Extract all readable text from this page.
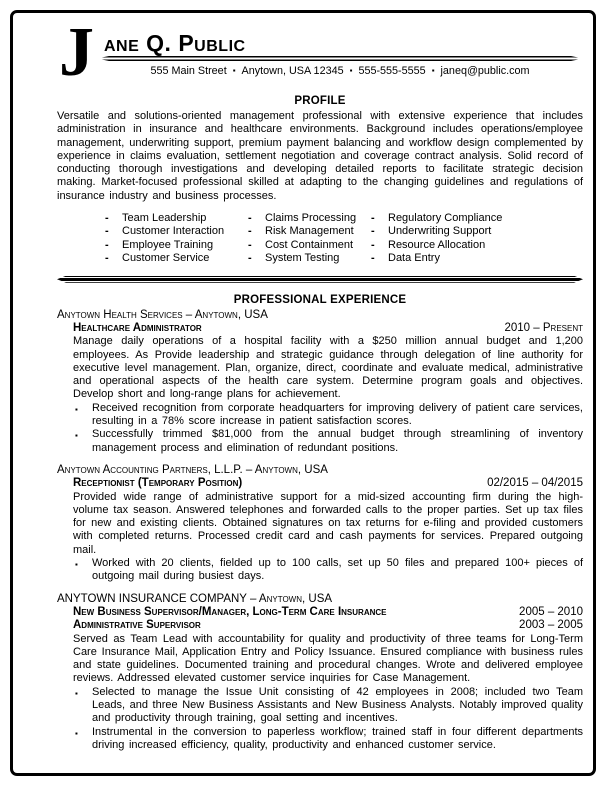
J ane Q. Public
555 Main Street ▪ Anytown, USA 12345 ▪ 555-555-5555 ▪ janeq@public.com
PROFILE
Versatile and solutions-oriented management professional with extensive experience that includes administration in insurance and healthcare environments. Background includes operations/employee management, underwriting support, premium payment balancing and workflow design complemented by experience in claims evaluation, settlement negotiation and coverage contract analysis. Solid record of conducting thorough investigations and developing detailed reports to facilitate strategic decision making. Market-focused professional skilled at adapting to the changing guidelines and regulations of insurance industry and business processes.
-	Team Leadership
-	Customer Interaction
-	Employee Training
-	Customer Service
-	Claims Processing
-	Risk Management
-	Cost Containment
-	System Testing
-	Regulatory Compliance
-	Underwriting Support
-	Resource Allocation
-	Data Entry
PROFESSIONAL EXPERIENCE
Anytown Health Services – Anytown, USA
Healthcare Administrator	2010 – Present
Manage daily operations of a hospital facility with a $250 million annual budget and 1,200 employees. As Provide leadership and strategic guidance through delegation of line authority for executive level management. Plan, organize, direct, coordinate and evaluate medical, administrative and operational aspects of the health care system. Determine program goals and objectives. Develop short and long-range plans for achievement.
▪	Received recognition from corporate headquarters for improving delivery of patient care services, resulting in a 78% score increase in patient satisfaction scores.
▪	Successfully trimmed $81,000 from the annual budget through streamlining of inventory management process and elimination of redundant positions.
Anytown Accounting Partners, L.L.P. – Anytown, USA
Receptionist (Temporary Position)	02/2015 – 04/2015
Provided wide range of administrative support for a mid-sized accounting firm during the high-volume tax season. Answered telephones and forwarded calls to the proper parties. Set up tax files for new and existing clients. Obtained signatures on tax returns for e-filing and provided customers with completed returns. Processed credit card and cash payments for services. Prepared outgoing mail.
▪	Worked with 20 clients, fielded up to 100 calls, set up 50 files and prepared 100+ pieces of outgoing mail during busiest days.
ANYTOWN INSURANCE COMPANY – Anytown, USA
New Business Supervisor/Manager, Long-Term Care Insurance	2005 – 2010
Administrative Supervisor	2003 – 2005
Served as Team Lead with accountability for quality and productivity of three teams for Long-Term Care Insurance Mail, Application Entry and Policy Issuance. Ensured compliance with business rules and state guidelines. Documented training and procedural changes. Wrote and delivered employee reviews. Addressed elevated customer service inquiries for Case Management.
▪	Selected to manage the Issue Unit consisting of 42 employees in 2008; included two Team Leads, and three New Business Assistants and New Business Analysts. Notably improved quality and productivity through training, goal setting and incentives.
▪	Instrumental in the conversion to paperless workflow; trained staff in four different departments driving increased efficiency, quality, productivity and enhanced customer service.
